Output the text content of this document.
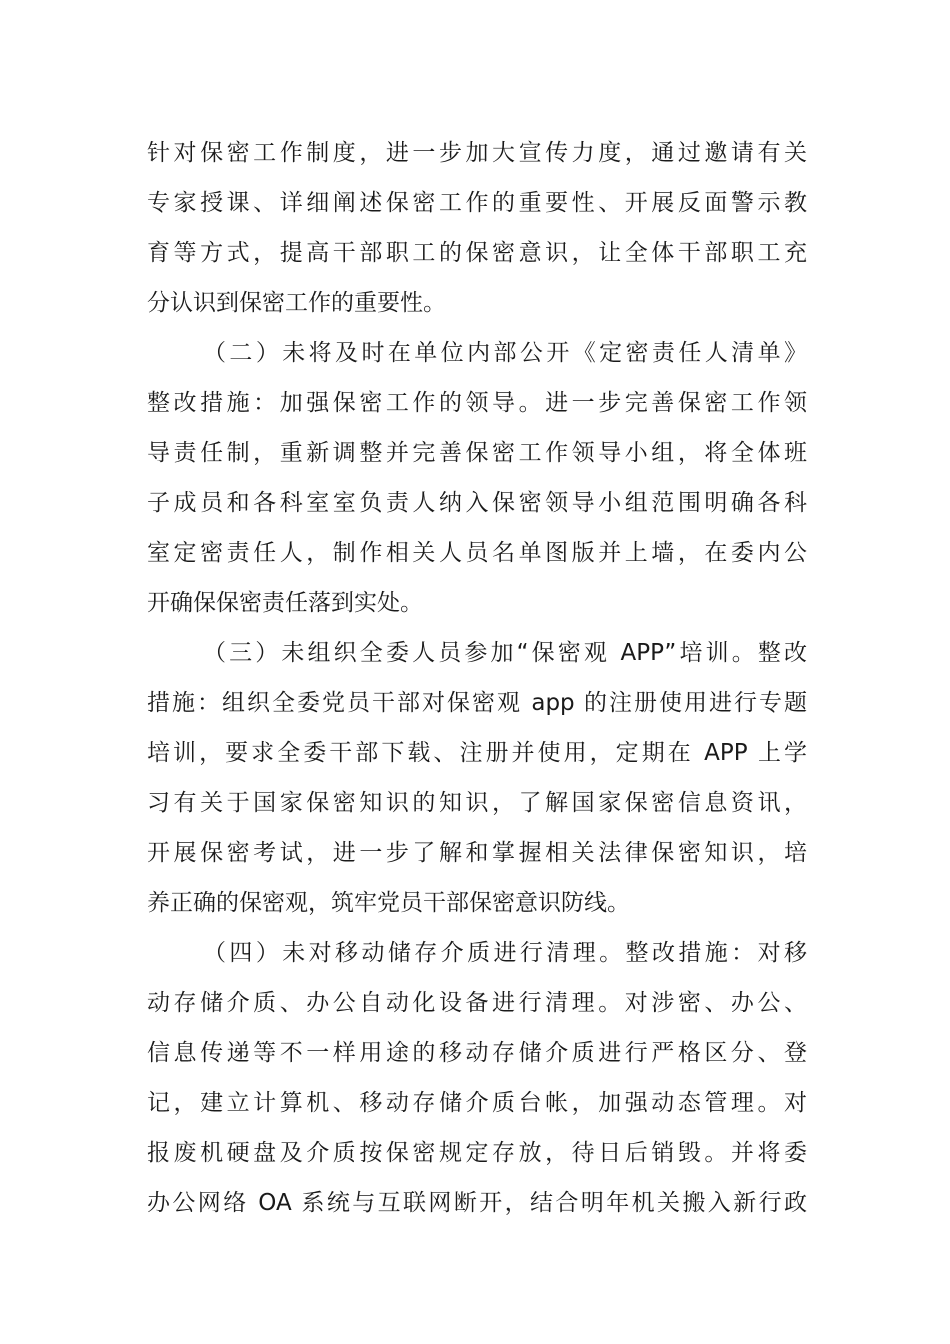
针对保密工作制度，进一步加大宣传力度，通过邀请有关
专家授课、详细阐述保密工作的重要性、开展反面警示教
育等方式，提高干部职工的保密意识，让全体干部职工充
分认识到保密工作的重要性。
（二）未将及时在单位内部公开《定密责任人清单》
整改措施：加强保密工作的领导。进一步完善保密工作领
导责任制，重新调整并完善保密工作领导小组，将全体班
子成员和各科室室负责人纳入保密领导小组范围明确各科
室定密责任人，制作相关人员名单图版并上墙，在委内公
开确保保密责任落到实处。
（三）未组织全委人员参加“保密观 APP”培训。整改
措施：组织全委党员干部对保密观 app 的注册使用进行专题
培训，要求全委干部下载、注册并使用，定期在 APP 上学
习有关于国家保密知识的知识，了解国家保密信息资讯，
开展保密考试，进一步了解和掌握相关法律保密知识，培
养正确的保密观，筑牢党员干部保密意识防线。
（四）未对移动储存介质进行清理。整改措施：对移
动存储介质、办公自动化设备进行清理。对涉密、办公、
信息传递等不一样用途的移动存储介质进行严格区分、登
记，建立计算机、移动存储介质台帐，加强动态管理。对
报废机硬盘及介质按保密规定存放，待日后销毁。并将委
办公网络 OA 系统与互联网断开，结合明年机关搬入新行政
